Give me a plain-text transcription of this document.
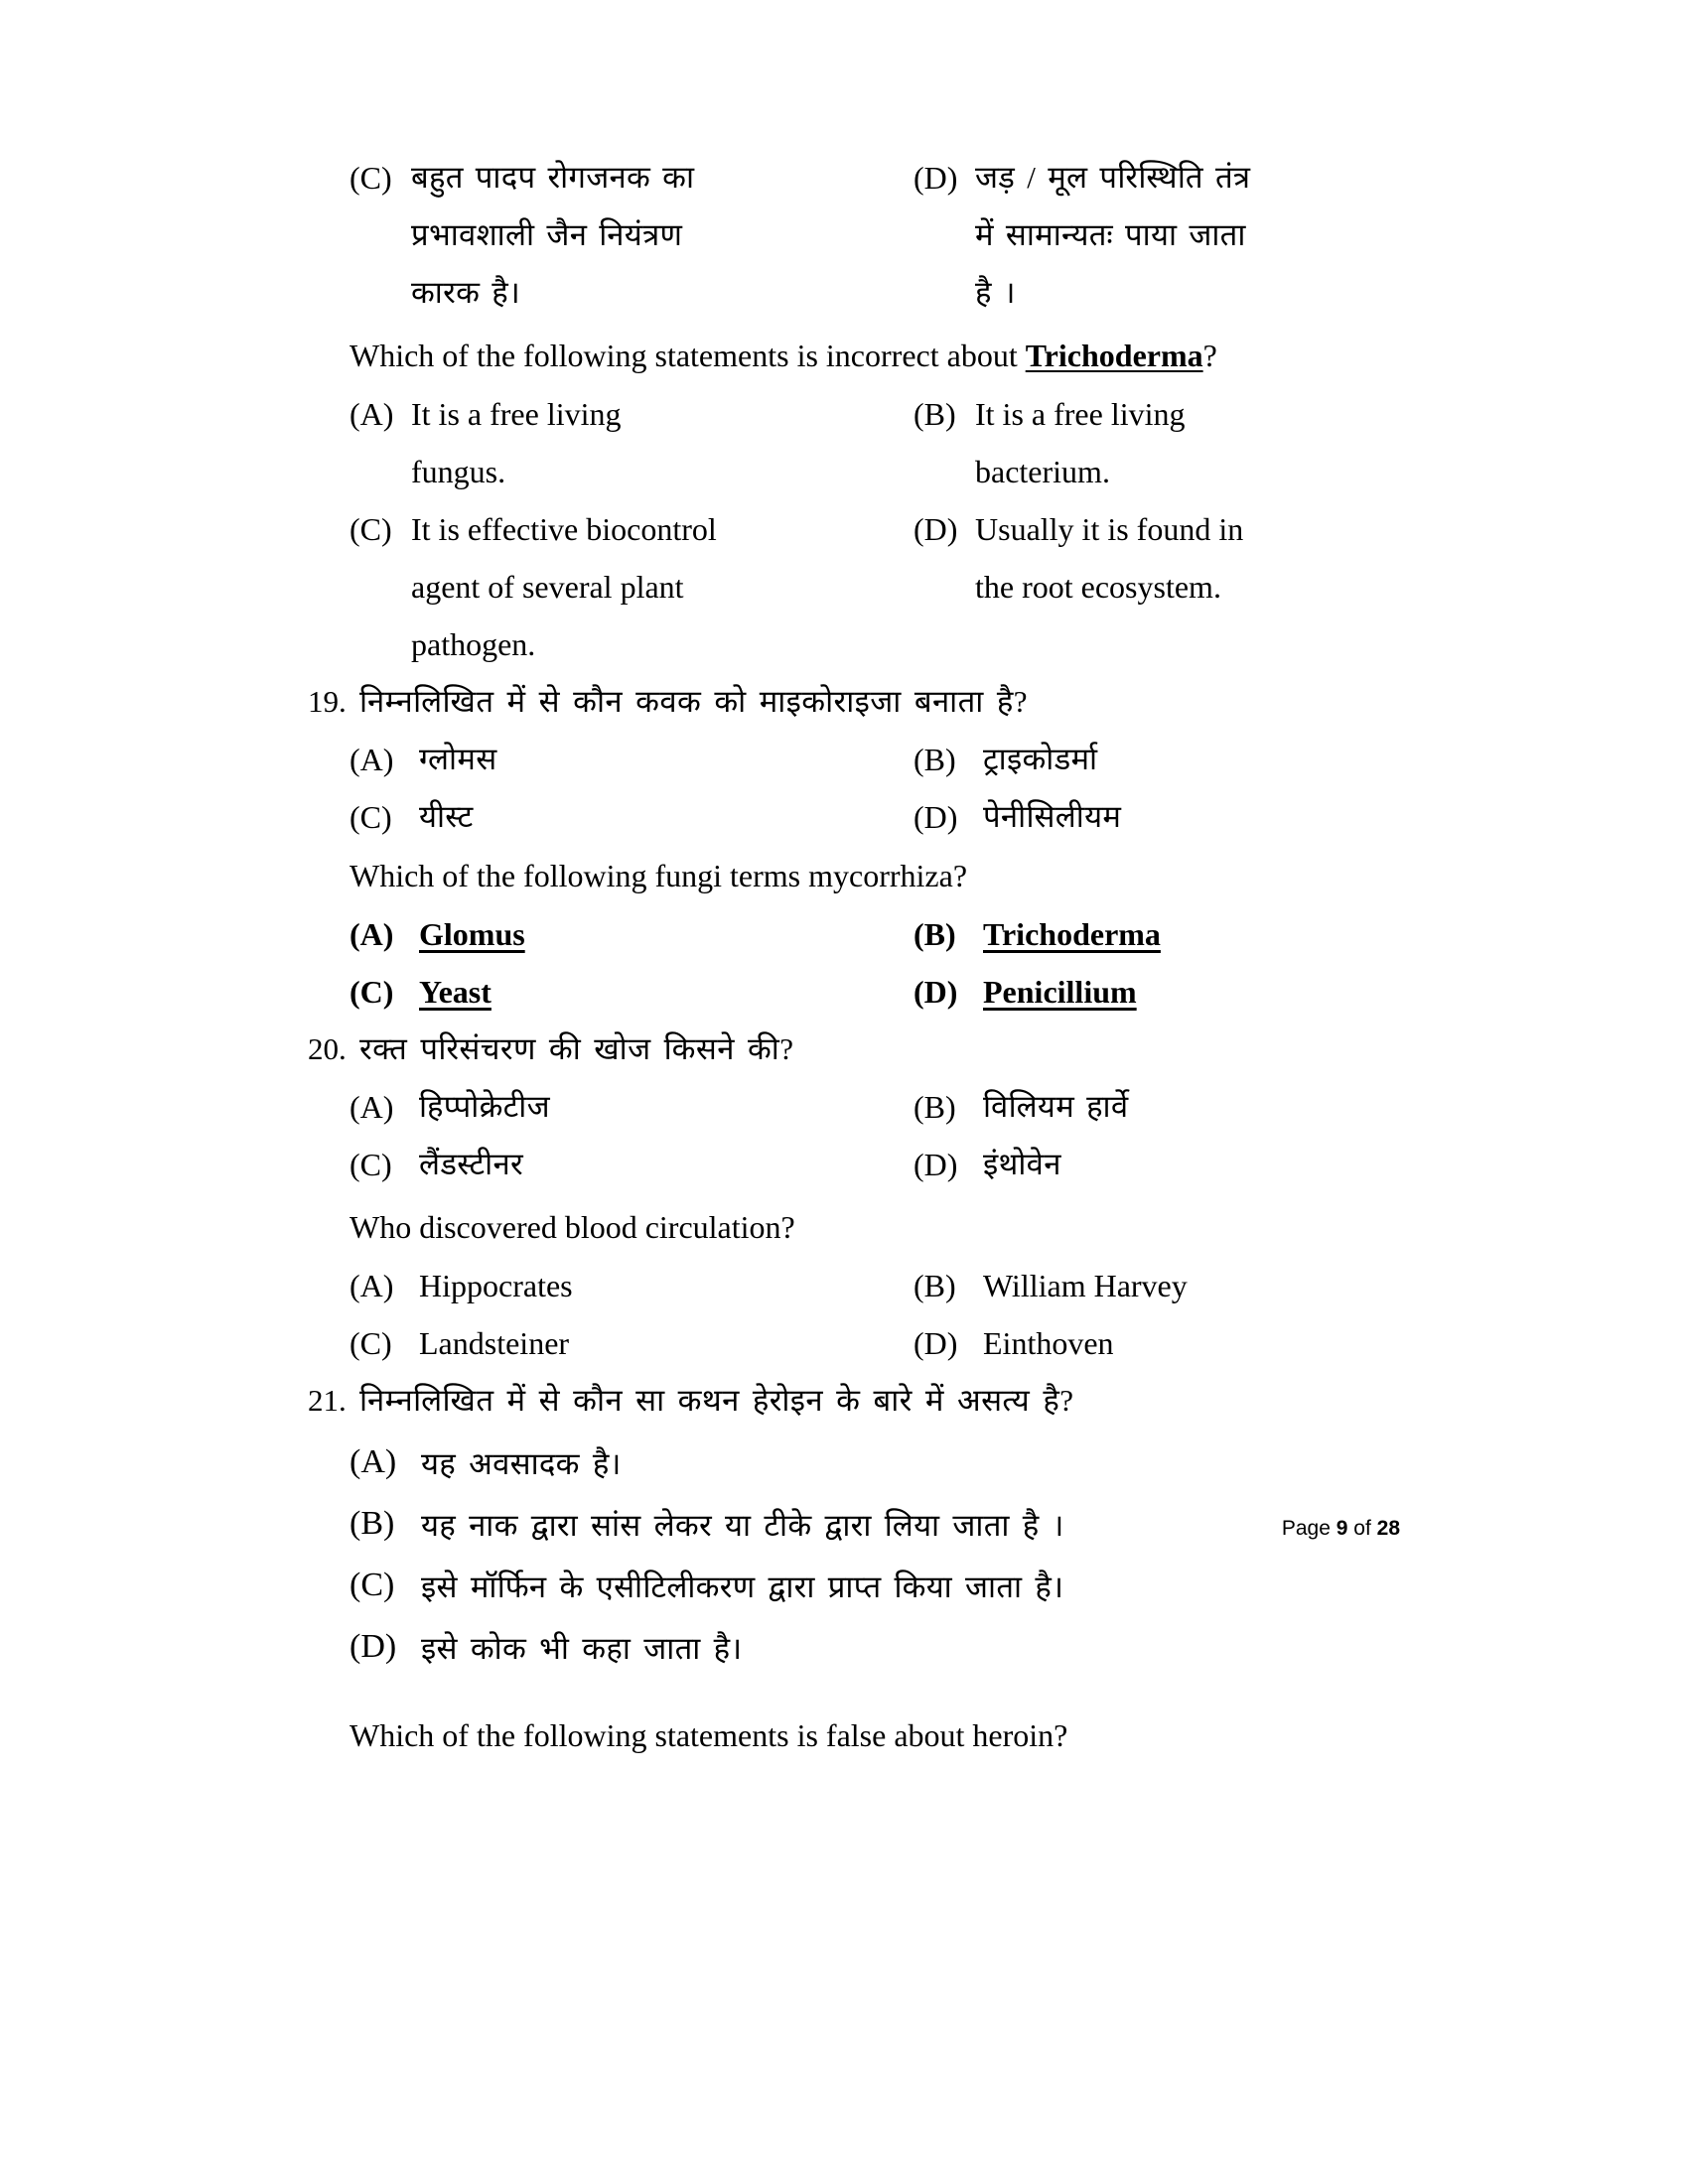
(C) बहुत पादप रोगजनक का
प्रभावशाली जैन नियंत्रण
कारक है।
(D) जड़ / मूल परिस्थिति तंत्र
में सामान्यतः पाया जाता
है ।
Which of the following statements is incorrect about Trichoderma?
(A) It is a free living
fungus.
(B) It is a free living
bacterium.
(C) It is effective biocontrol
agent of several plant
pathogen.
(D) Usually it is found in
the root ecosystem.
19. निम्नलिखित में से कौन कवक को माइकोराइजा बनाता है?
(A) ग्लोमस	(B) ट्राइकोडर्मा
(C) यीस्ट	(D) पेनीसिलीयम
Which of the following fungi terms mycorrhiza?
(A) Glomus	(B) Trichoderma
(C) Yeast	(D) Penicillium
20. रक्त परिसंचरण की खोज किसने की?
(A) हिप्पोक्रेटीज	(B) विलियम हार्वे
(C) लैंडस्टीनर	(D) इंथोवेन
Who discovered blood circulation?
(A) Hippocrates	(B) William Harvey
(C) Landsteiner	(D) Einthoven
21. निम्नलिखित में से कौन सा कथन हेरोइन के बारे में असत्य है?
(A) यह अवसादक है।
(B) यह नाक द्वारा सांस लेकर या टीके द्वारा लिया जाता है ।
(C) इसे मॉर्फिन के एसीटिलीकरण द्वारा प्राप्त किया जाता है।
(D) इसे कोक भी कहा जाता है।
Which of the following statements is false about heroin?
Page 9 of 28
